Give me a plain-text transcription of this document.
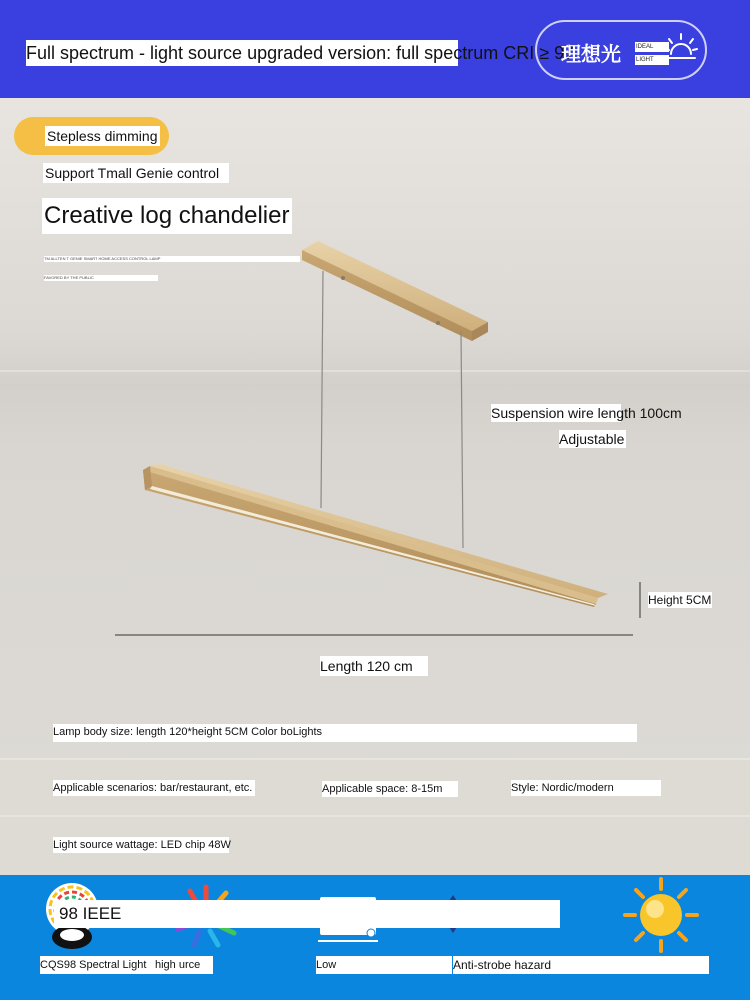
Full spectrum - light source upgraded version: full spectrum CRI ≥ 97
理想光	IDEAL
LIGHT
Stepless dimming
Support Tmall Genie control
Creative log chandelier
TM ALLTEN T GENIE SMART HOME ACCESS CONTROL LAMP
FAVORED BY THE PUBLIC
Suspension wire length 100cm
Adjustable
Height 5CM
Length 120 cm
Lamp body size: length 120*height 5CM Color boLights
Applicable scenarios: bar/restaurant, etc.	Applicable space: 8-15m	Style: Nordic/modern
Light source wattage: LED chip 48W
98 IEEE
CQS98 Spectral Light high urce	Low	Anti-strobe hazard
